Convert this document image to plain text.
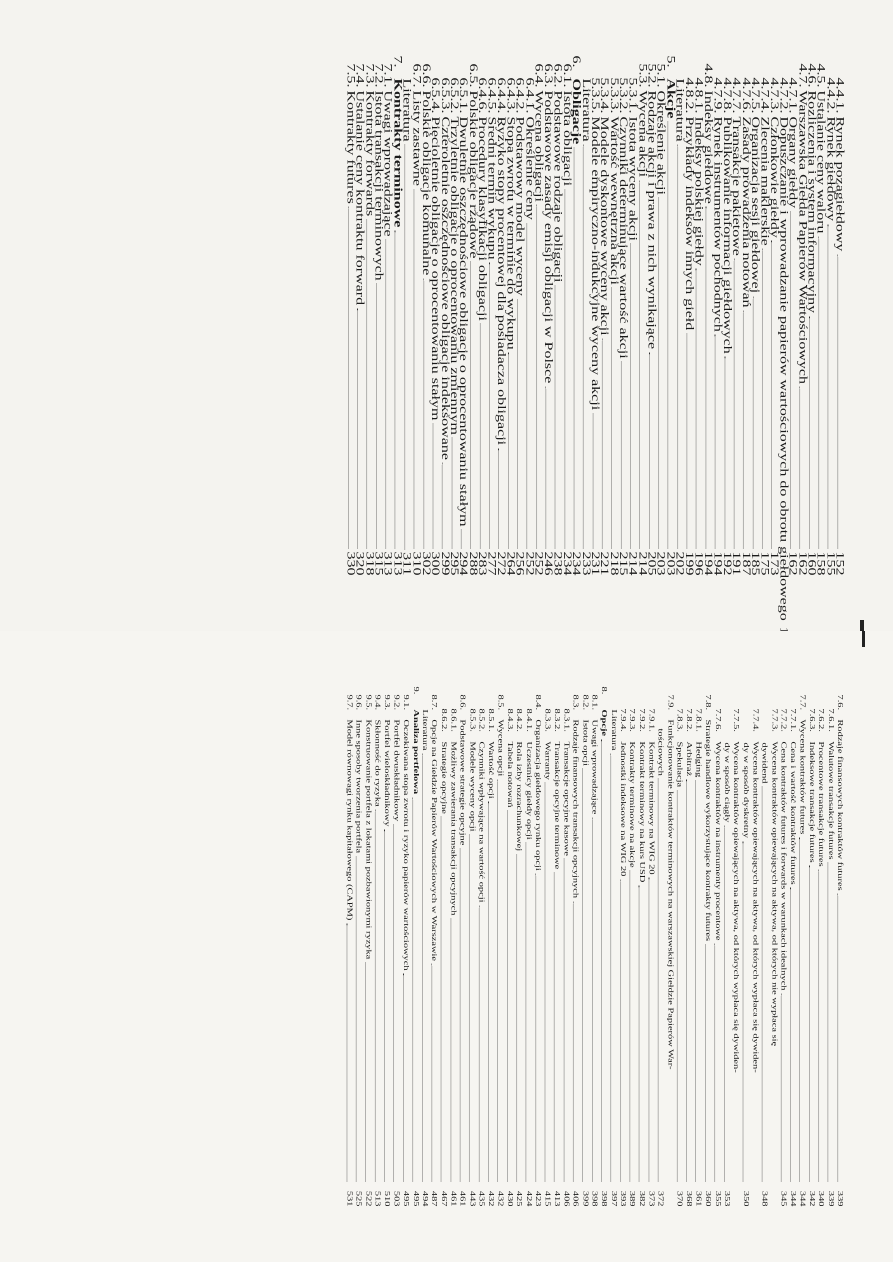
4.4.1.
Rynek pozagiełdowy
152
4.4.2.
Rynek giełdowy
155
4.5.
Ustalanie ceny waloru
158
4.6.
Rozliczenia i system informacyjny
160
4.7.
Warszawska Giełda Papierów Wartościowych
162
4.7.1.
Organy giełdy
162
4.7.2.
Dopuszczanie i wprowadzanie papierów wartościowych do obrotu giełdowego
4.7.3.
Członkowie giełdy
173
4.7.4.
Zlecenia maklerskie
175
4.7.5.
Organizacja sesji giełdowej
185
4.7.6.
Zasady prowadzenia notowań
187
4.7.7.
Transakcje pakietowe
191
4.7.8.
Publikowanie informacji giełdowych
192
4.7.9.
Rynek instrumentów pochodnych
194
4.8.
Indeksy giełdowe
194
4.8.1.
Indeksy polskiej giełdy
196
4.8.2.
Przykłady indeksów innych giełd
199
Literatura
202
5.
Akcje
203
5.1.
Określenie akcji
203
5.2.
Rodzaje akcji i prawa z nich wynikające
205
5.3.
Wycena akcji
214
5.3.1.
Istota wyceny akcji
214
5.3.2.
Czynniki determinujące wartość akcji
215
5.3.3.
Wartość wewnętrzna akcji
218
5.3.4.
Modele dyskontowe wyceny akcji
221
5.3.5.
Modele empiryczno-indukcyjne wyceny akcji
231
Literatura
233
6.
Obligacje
234
6.1.
Istota obligacji
234
6.2.
Podstawowe rodzaje obligacji
238
6.3.
Podstawowe zasady emisji obligacji w Polsce
246
6.4.
Wycena obligacji
252
6.4.1.
Określenie ceny
252
6.4.2.
Podstawowy model wyceny
256
6.4.3.
Stopa zwrotu w terminie do wykupu
264
6.4.4.
Ryzyko stopy procentowej dla posiadacza obligacji
272
6.4.5.
Średni termin wykupu
277
6.4.6.
Procedury klasyfikacji obligacji
283
6.5.
Polskie obligacje rządowe
288
6.5.1.
Dwuletnie oszczędnościowe obligacje o oprocentowaniu stałym
294
6.5.2.
Trzyletnie obligacje o oprocentowaniu zmiennym
295
6.5.3.
Czteroletnie oszczędnościowe obligacje indeksowane
299
6.5.4.
Pięcioletnie obligacje o oprocentowaniu stałym
300
6.6.
Polskie obligacje komunalne
302
6.7.
Listy zastawne
310
Literatura
311
7.
Kontrakty terminowe
313
7.1.
Uwagi wprowadzające
313
7.2.
Istota transakcji terminowych
315
7.3.
Kontrakty forwards
318
7.4.
Ustalanie ceny kontraktu forward
320
7.5.
Kontrakty futures
330
7.6.
Rodzaje finansowych kontraktów futures
339
7.6.1.
Walutowe transakcje futures
339
7.6.2.
Procentowe transakcje futures
340
7.6.3.
Indeksowe transakcje futures
342
7.7.
Wycena kontraktów futures
344
7.7.1.
Cena i wartość kontraktów futures
344
7.7.2.
Cena kontraktów futures i forwards w warunkach idealnych
345
7.7.3.Wycena kontraktów opiewających na aktywa, od których nie wypłaca się
dywidend
348
7.7.4.Wycena kontraktów opiewających na aktywa, od których wypłaca się dywiden-
dy w sposób dyskretny
350
7.7.5.Wycena kontraktów opiewających na aktywa, od których wypłaca się dywiden-
dy w sposób ciągły
353
7.7.6.
Wycena kontraktów na instrumenty procentowe
355
7.8.
Strategie handlowe wykorzystujące kontrakty futures
360
7.8.1.
Hedging
361
7.8.2.
Arbitraż
368
7.8.3.
Spekulacja
370
7.9.Funkcjonowanie kontraktów terminowych na warszawskiej Giełdzie Papierów War-
tościowych
372
7.9.1.
Kontrakt terminowy na WIG 20
373
7.9.2.
Kontrakt terminowy na kurs USD
382
7.9.3.
Kontrakty terminowe na akcje
389
7.9.4.
Jednostki indeksowe na WIG 20
393
Literatura
397
8.
Opcje
398
8.1.
Uwagi wprowadzające
398
8.2.
Istota opcji
399
8.3.
Rodzaje finansowych transakcji opcyjnych
406
8.3.1.
Transakcje opcyjne kasowe
406
8.3.2.
Transakcje opcyjne terminowe
413
8.3.3.
Warranty
415
8.4.
Organizacja giełdowego rynku opcji
423
8.4.1.
Uczestnicy giełdy opcji
424
8.4.2.
Rola izby rozrachunkowej
425
8.4.3.
Tabela notowań
430
8.5.
Wycena opcji
432
8.5.1.
Wartość opcji
432
8.5.2.
Czynniki wpływające na wartość opcji
435
8.5.3.
Modele wyceny opcji
443
8.6.
Podstawowe strategie opcyjne
461
8.6.1.
Możliwy zawierania transakcji opcyjnych
461
8.6.2.
Strategie opcyjne
467
8.7.
Opcje na Giełdzie Papierów Wartościowych w Warszawie
487
Literatura
494
9.
Analiza portfelowa
495
9.1.
Oczekiwana stopa zwrotu i ryzyko papierów wartościowych
495
9.2.
Portfel dwuskładnikowy
503
9.3.
Portfel wieloskładnikowy
510
9.4.
Skłonność do ryzyka
513
9.5.
Konstruowanie portfela z lokatami pozbawionymi ryzyka
522
9.6.
Inne sposoby tworzenia portfela
525
9.7.
Model równowagi rynku kapitałowego (CAPM)
531
